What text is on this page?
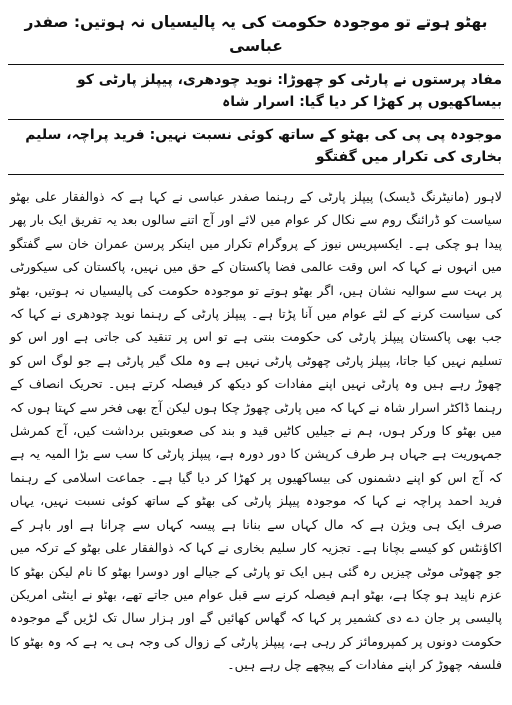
بھٹو ہوتے تو موجودہ حکومت کی یہ پالیسیاں نہ ہوتیں: صفدر عباسی
مفاد پرستوں نے پارٹی کو چھوڑا: نوید چودھری، پیپلز پارٹی کو بیساکھیوں پر کھڑا کر دیا گیا: اسرار شاہ
موجودہ پی پی کی بھٹو کے ساتھ کوئی نسبت نہیں: فرید پراچہ، سلیم بخاری کی تکرار میں گفتگو

لاہور (مانیٹرنگ ڈیسک) پیپلز پارٹی کے رہنما صفدر عباسی نے کہا ہے کہ ذوالفقار علی بھٹو سیاست کو ڈرائنگ روم سے نکال کر عوام میں لائے اور آج اتنے سالوں بعد یہ تفریق ایک بار پھر پیدا ہو چکی ہے۔ ایکسپریس نیوز کے پروگرام تکرار میں اینکر پرسن عمران خان سے گفتگو میں انہوں نے کہا کہ اس وقت عالمی فضا پاکستان کے حق میں نہیں، پاکستان کی سیکورٹی پر بہت سے سوالیہ نشان ہیں، اگر بھٹو ہوتے تو موجودہ حکومت کی پالیسیاں نہ ہوتیں، بھٹو کی سیاست کرنے کے لئے عوام میں آنا پڑتا ہے۔ پیپلز پارٹی کے رہنما نوید چودھری نے کہا کہ جب بھی پاکستان پیپلز پارٹی کی حکومت بنتی ہے تو اس پر تنقید کی جاتی ہے اور اس کو تسلیم نہیں کیا جاتا، پیپلز پارٹی چھوٹی پارٹی نہیں ہے وہ ملک گیر پارٹی ہے جو لوگ اس کو چھوڑ رہے ہیں وہ پارٹی نہیں اپنے مفادات کو دیکھ کر فیصلہ کرتے ہیں۔ تحریک انصاف کے رہنما ڈاکٹر اسرار شاہ نے کہا کہ میں پارٹی چھوڑ چکا ہوں لیکن آج بھی فخر سے کہتا ہوں کہ میں بھٹو کا ورکر ہوں، ہم نے جیلیں کاٹیں قید و بند کی صعوبتیں برداشت کیں، آج کمرشل جمہوریت ہے جہاں ہر طرف کرپشن کا دور دورہ ہے، پیپلز پارٹی کا سب سے بڑا المیہ یہ ہے کہ آج اس کو اپنے دشمنوں کی بیساکھیوں پر کھڑا کر دیا گیا ہے۔ جماعت اسلامی کے رہنما فرید احمد پراچہ نے کہا کہ موجودہ پیپلز پارٹی کی بھٹو کے ساتھ کوئی نسبت نہیں، یہاں صرف ایک ہی ویژن ہے کہ مال کہاں سے بنانا ہے پیسہ کہاں سے چرانا ہے اور باہر کے اکاؤنٹس کو کیسے بچانا ہے۔ تجزیہ کار سلیم بخاری نے کہا کہ ذوالفقار علی بھٹو کے ترکہ میں جو چھوٹی موٹی چیزیں رہ گئی ہیں ایک تو پارٹی کے جیالے اور دوسرا بھٹو کا نام لیکن بھٹو کا عزم ناپید ہو چکا ہے، بھٹو اہم فیصلہ کرنے سے قبل عوام میں جاتے تھے، بھٹو نے اینٹی امریکن پالیسی پر جان دے دی کشمیر پر کہا کہ گھاس کھائیں گے اور ہزار سال تک لڑیں گے موجودہ حکومت دونوں پر کمپرومائز کر رہی ہے، پیپلز پارٹی کے زوال کی وجہ ہی یہ ہے کہ وہ بھٹو کا فلسفہ چھوڑ کر اپنے مفادات کے پیچھے چل رہے ہیں۔
